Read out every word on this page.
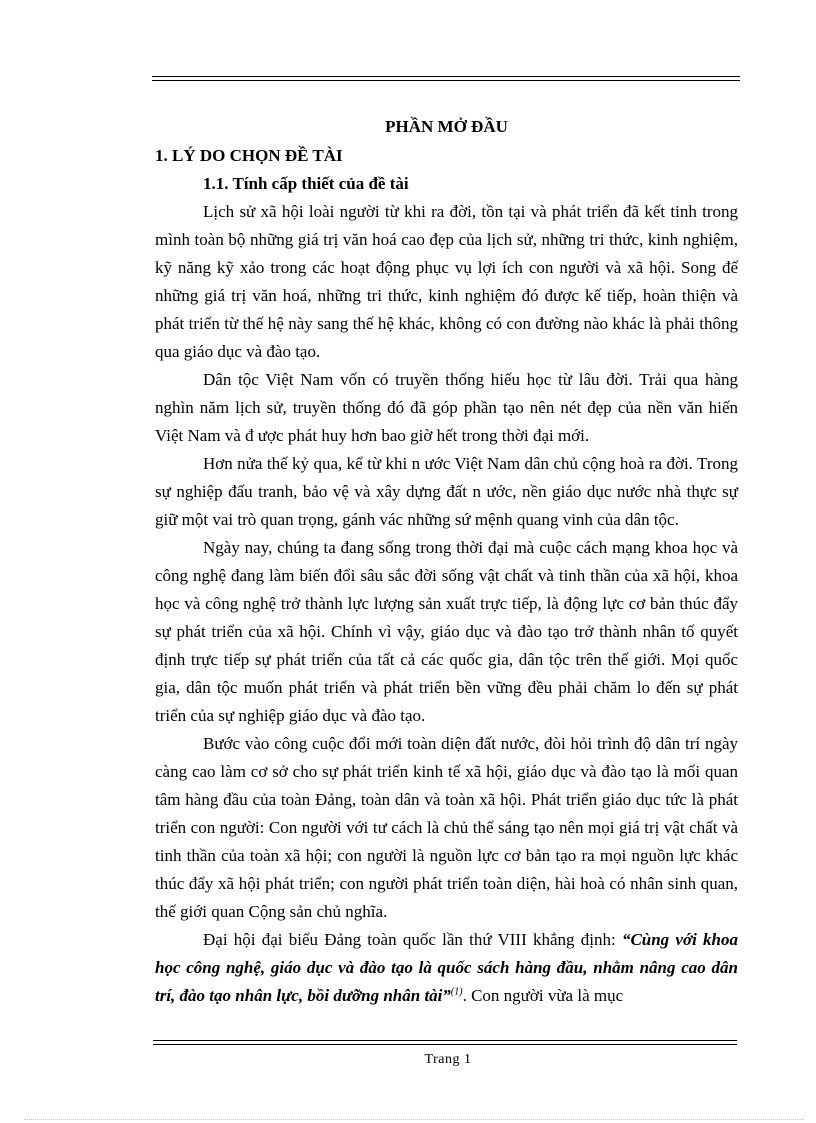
PHẦN MỞ ĐẦU

1. LÝ DO CHỌN ĐỀ TÀI

1.1. Tính cấp thiết của đề tài

Lịch sử xã hội loài người từ khi ra đời, tồn tại và phát triển đã kết tinh trong mình toàn bộ những giá trị văn hoá cao đẹp của lịch sử, những tri thức, kinh nghiệm, kỹ năng kỹ xảo trong các hoạt động phục vụ lợi ích con người và xã hội. Song để những giá trị văn hoá, những tri thức, kinh nghiệm đó được kế tiếp, hoàn thiện và phát triển từ thế hệ này sang thế hệ khác, không có con đường nào khác là phải thông qua giáo dục và đào tạo.

Dân tộc Việt Nam vốn có truyền thống hiếu học từ lâu đời. Trải qua hàng nghìn năm lịch sử, truyền thống đó đã góp phần tạo nên nét đẹp của nền văn hiến Việt Nam và đ ược phát huy hơn bao giờ hết trong thời đại mới.

Hơn nửa thế kỷ qua, kể từ khi n ước Việt Nam dân chủ cộng hoà ra đời. Trong sự nghiệp đấu tranh, bảo vệ và xây dựng đất n ước, nền giáo dục nước nhà thực sự giữ một vai trò quan trọng, gánh vác những sứ mệnh quang vinh của dân tộc.

Ngày nay, chúng ta đang sống trong thời đại mà cuộc cách mạng khoa học và công nghệ đang làm biến đổi sâu sắc đời sống vật chất và tinh thần của xã hội, khoa học và công nghệ trở thành lực lượng sản xuất trực tiếp, là động lực cơ bản thúc đẩy sự phát triển của xã hội. Chính vì vậy, giáo dục và đào tạo trở thành nhân tố quyết định trực tiếp sự phát triển của tất cả các quốc gia, dân tộc trên thế giới. Mọi quốc gia, dân tộc muốn phát triển và phát triển bền vững đều phải chăm lo đến sự phát triển của sự nghiệp giáo dục và đào tạo.

Bước vào công cuộc đổi mới toàn diện đất nước, đòi hỏi trình độ dân trí ngày càng cao làm cơ sở cho sự phát triển kinh tế xã hội, giáo dục và đào tạo là mối quan tâm hàng đầu của toàn Đảng, toàn dân và toàn xã hội. Phát triển giáo dục tức là phát triển con người: Con người với tư cách là chủ thể sáng tạo nên mọi giá trị vật chất và tinh thần của toàn xã hội; con người là nguồn lực cơ bản tạo ra mọi nguồn lực khác thúc đẩy xã hội phát triển; con người phát triển toàn diện, hài hoà có nhân sinh quan, thế giới quan Cộng sản chủ nghĩa.

Đại hội đại biểu Đảng toàn quốc lần thứ VIII khẳng định: “Cùng với khoa học công nghệ, giáo dục và đào tạo là quốc sách hàng đầu, nhằm nâng cao dân trí, đào tạo nhân lực, bồi dưỡng nhân tài”$^{(1)}$. Con người vừa là mục

Trang 1
